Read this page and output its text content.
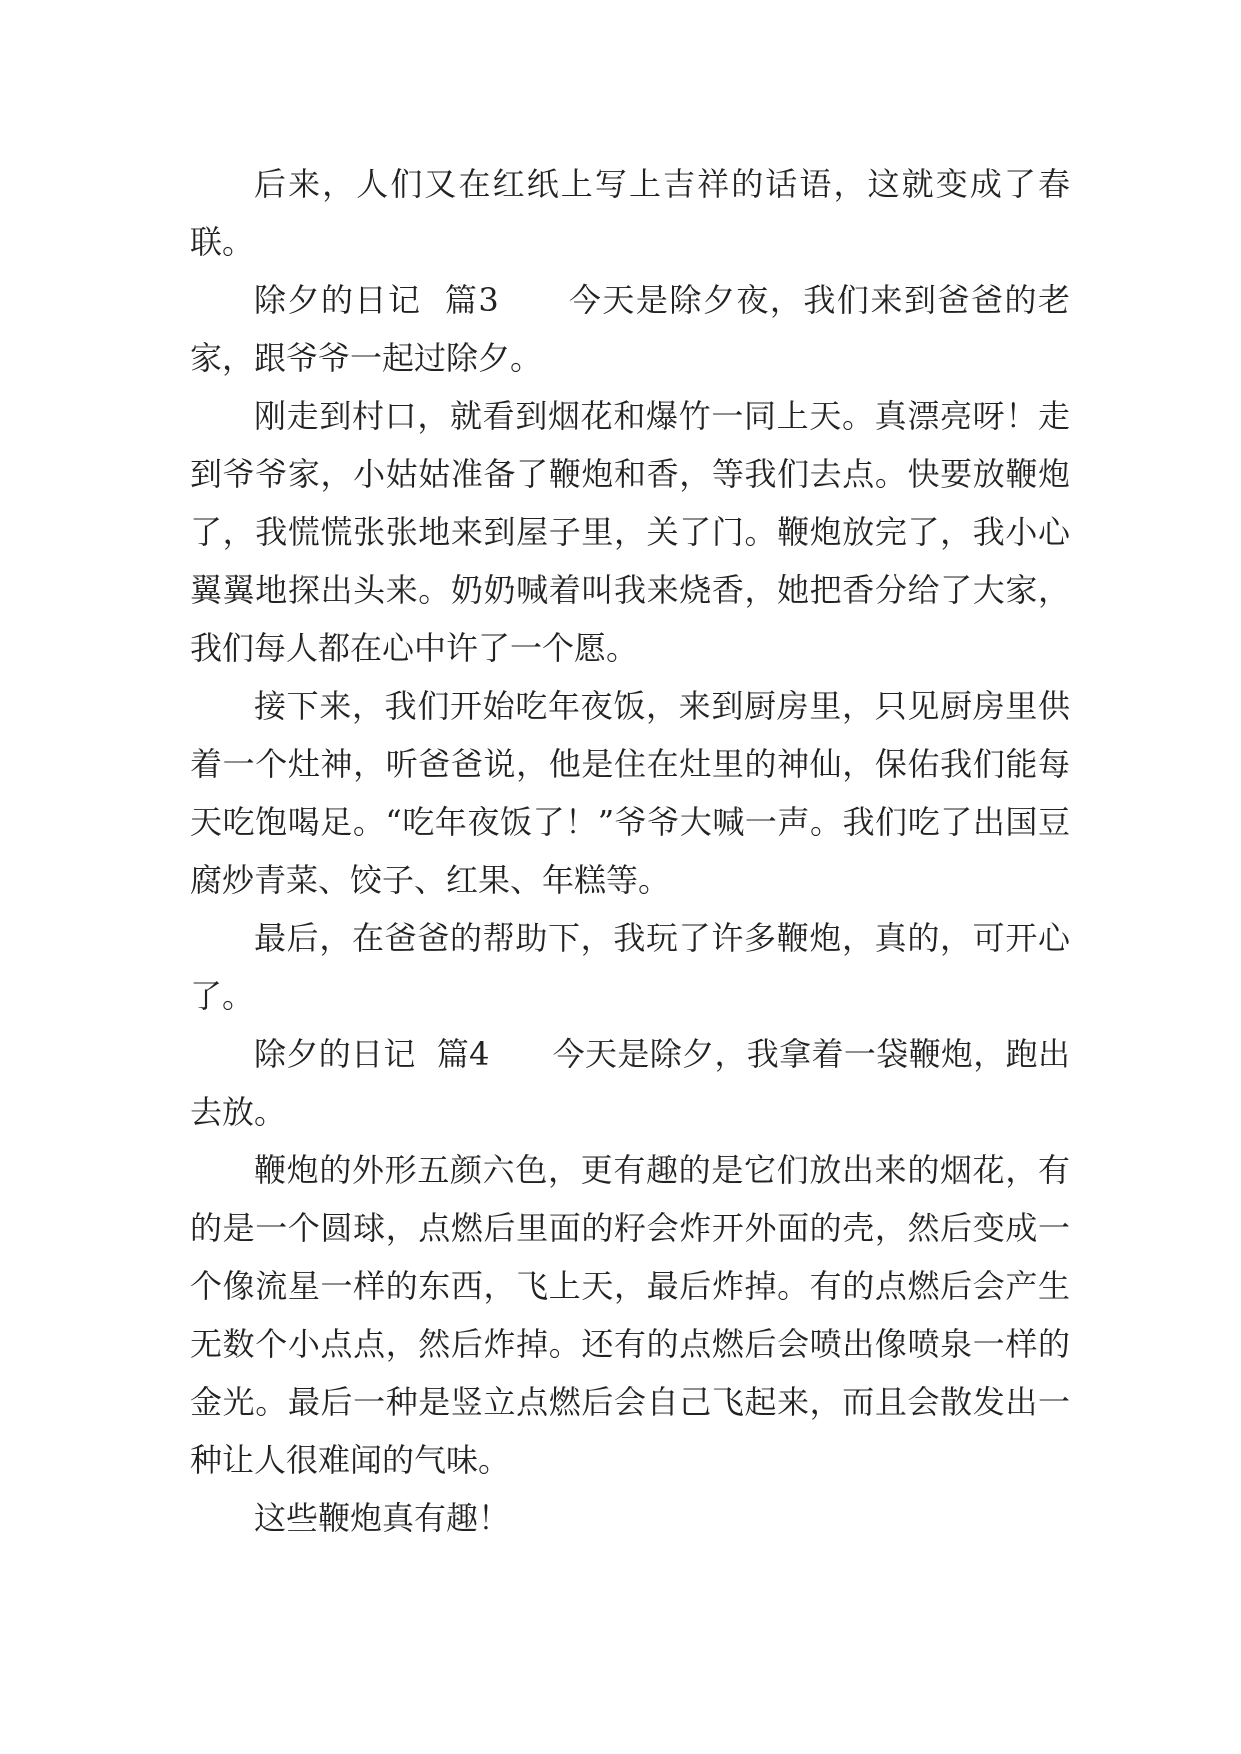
后来，人们又在红纸上写上吉祥的话语，这就变成了春联。

除夕的日记  篇3      今天是除夕夜，我们来到爸爸的老家，跟爷爷一起过除夕。

刚走到村口，就看到烟花和爆竹一同上天。真漂亮呀！走到爷爷家，小姑姑准备了鞭炮和香，等我们去点。快要放鞭炮了，我慌慌张张地来到屋子里，关了门。鞭炮放完了，我小心翼翼地探出头来。奶奶喊着叫我来烧香，她把香分给了大家，我们每人都在心中许了一个愿。

接下来，我们开始吃年夜饭，来到厨房里，只见厨房里供着一个灶神，听爸爸说，他是住在灶里的神仙，保佑我们能每天吃饱喝足。“吃年夜饭了！”爷爷大喊一声。我们吃了出国豆腐炒青菜、饺子、红果、年糕等。

最后，在爸爸的帮助下，我玩了许多鞭炮，真的，可开心了。

除夕的日记  篇4      今天是除夕，我拿着一袋鞭炮，跑出去放。

鞭炮的外形五颜六色，更有趣的是它们放出来的烟花，有的是一个圆球，点燃后里面的籽会炸开外面的壳，然后变成一个像流星一样的东西，飞上天，最后炸掉。有的点燃后会产生无数个小点点，然后炸掉。还有的点燃后会喷出像喷泉一样的金光。最后一种是竖立点燃后会自己飞起来，而且会散发出一种让人很难闻的气味。

这些鞭炮真有趣！
